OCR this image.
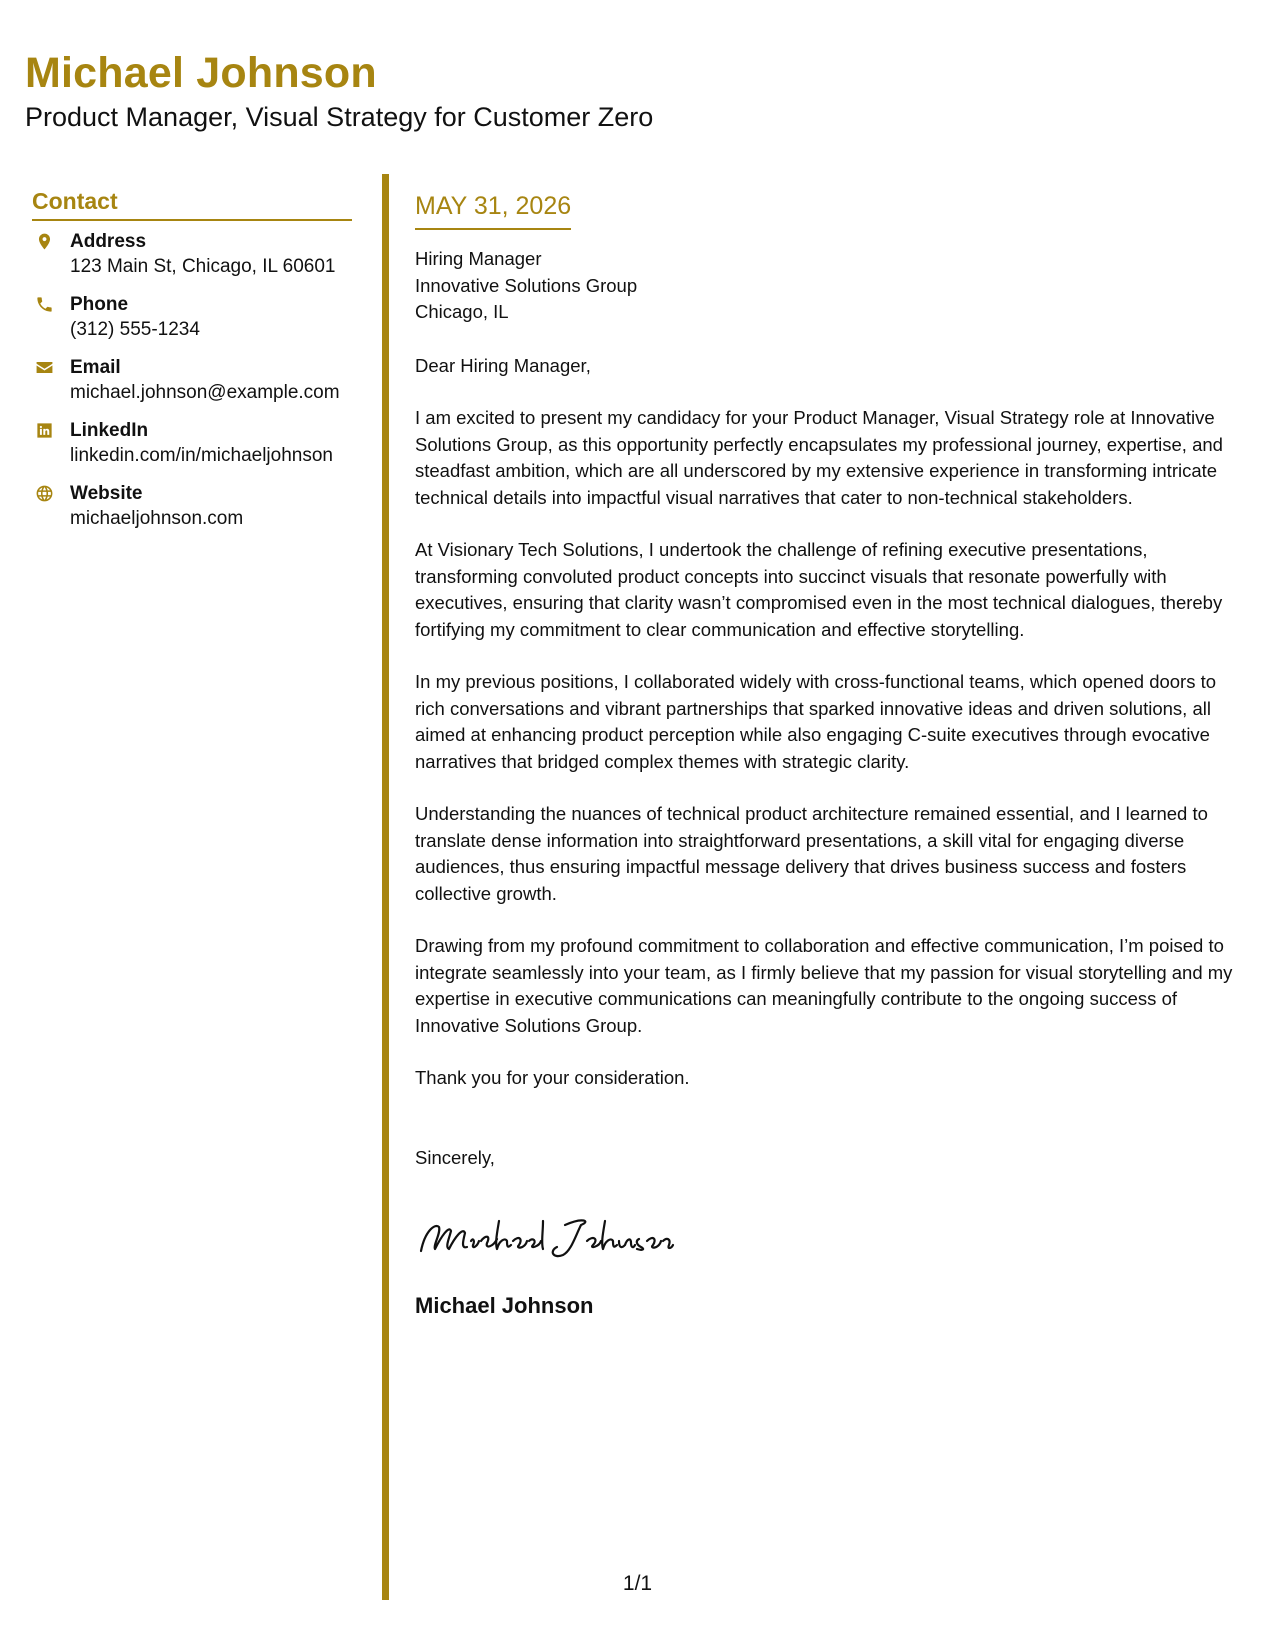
Michael Johnson

Product Manager, Visual Strategy for Customer Zero

Contact
Address
123 Main St, Chicago, IL 60601
Phone
(312) 555-1234
Email
michael.johnson@example.com
LinkedIn
linkedin.com/in/michaeljohnson
Website
michaeljohnson.com
MAY 31, 2026
Hiring Manager
Innovative Solutions Group
Chicago, IL
Dear Hiring Manager,

I am excited to present my candidacy for your Product Manager, Visual Strategy role at Innovative Solutions Group, as this opportunity perfectly encapsulates my professional journey, expertise, and steadfast ambition, which are all underscored by my extensive experience in transforming intricate technical details into impactful visual narratives that cater to non-technical stakeholders.

At Visionary Tech Solutions, I undertook the challenge of refining executive presentations, transforming convoluted product concepts into succinct visuals that resonate powerfully with executives, ensuring that clarity wasn’t compromised even in the most technical dialogues, thereby fortifying my commitment to clear communication and effective storytelling.

In my previous positions, I collaborated widely with cross-functional teams, which opened doors to rich conversations and vibrant partnerships that sparked innovative ideas and driven solutions, all aimed at enhancing product perception while also engaging C-suite executives through evocative narratives that bridged complex themes with strategic clarity.

Understanding the nuances of technical product architecture remained essential, and I learned to translate dense information into straightforward presentations, a skill vital for engaging diverse audiences, thus ensuring impactful message delivery that drives business success and fosters collective growth.

Drawing from my profound commitment to collaboration and effective communication, I’m poised to integrate seamlessly into your team, as I firmly believe that my passion for visual storytelling and my expertise in executive communications can meaningfully contribute to the ongoing success of Innovative Solutions Group.

Thank you for your consideration.
Sincerely,
Michael Johnson
1/1
